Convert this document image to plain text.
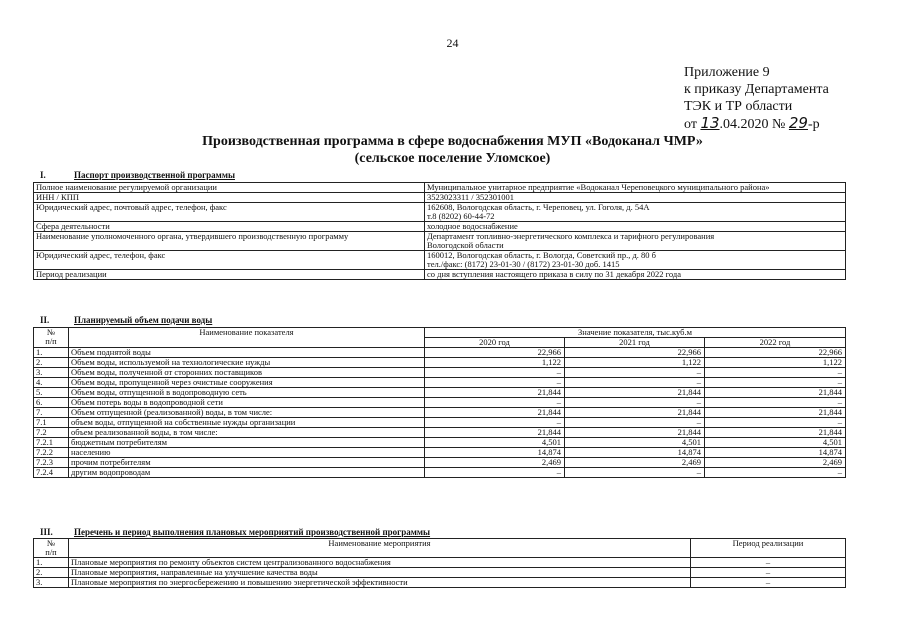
24
Приложение 9
к приказу Департамента
ТЭК и ТР области
от 13.04.2020 № 29-р
Производственная программа в сфере водоснабжения МУП «Водоканал ЧМР»
(сельское поселение Уломское)
I.	Паспорт производственной программы
Полное наименование регулируемой организации	Муниципальное унитарное предприятие «Водоканал Череповецкого муниципального района»

ИНН / КПП	3523023311 / 352301001

Юридический адрес, почтовый адрес, телефон, факс	162608, Вологодская область, г. Череповец, ул. Гоголя, д. 54А
т.8 (8202) 60-44-72

Сфера деятельности	холодное водоснабжение

Наименование уполномоченного органа, утвердившего производственную программу	Департамент топливно-энергетического комплекса и тарифного регулирования
Вологодской области

Юридический адрес, телефон, факс	160012, Вологодская область, г. Вологда, Советский пр., д. 80 б
тел./факс: (8172) 23-01-30 / (8172) 23-01-30 доб. 1415

Период реализации	со дня вступления настоящего приказа в силу по 31 декабря 2022 года
II.	Планируемый объем подачи воды
№
п/п	Наименование показателя	Значение показателя, тыс.куб.м		
		2020 год	2021 год	2022 год
1.	Объем поднятой воды	22,966	22,966	22,966
2.	Объем воды, используемой на технологические нужды	1,122	1,122	1,122
3.	Объем воды, полученной от сторонних поставщиков	–	–	–
4.	Объем воды, пропущенной через очистные сооружения	–	–	–
5.	Объем воды, отпущенной в водопроводную сеть	21,844	21,844	21,844
6.	Объем потерь воды в водопроводной сети	–	–	–
7.	Объем отпущенной (реализованной) воды, в том числе:	21,844	21,844	21,844
7.1	объем воды, отпущенной на собственные нужды организации	–	–	–
7.2	объем реализованной воды, в том числе:	21,844	21,844	21,844
7.2.1	бюджетным потребителям	4,501	4,501	4,501
7.2.2	населению	14,874	14,874	14,874
7.2.3	прочим потребителям	2,469	2,469	2,469
7.2.4	другим водопроводам	–	–	–
III. Перечень и период выполнения плановых мероприятий производственной программы
№
п/п	Наименование мероприятия	Период реализации
1.	Плановые мероприятия по ремонту объектов систем централизованного водоснабжения	–
2.	Плановые мероприятия, направленные на улучшение качества воды	–
3.	Плановые мероприятия по энергосбережению и повышению энергетической эффективности	–
